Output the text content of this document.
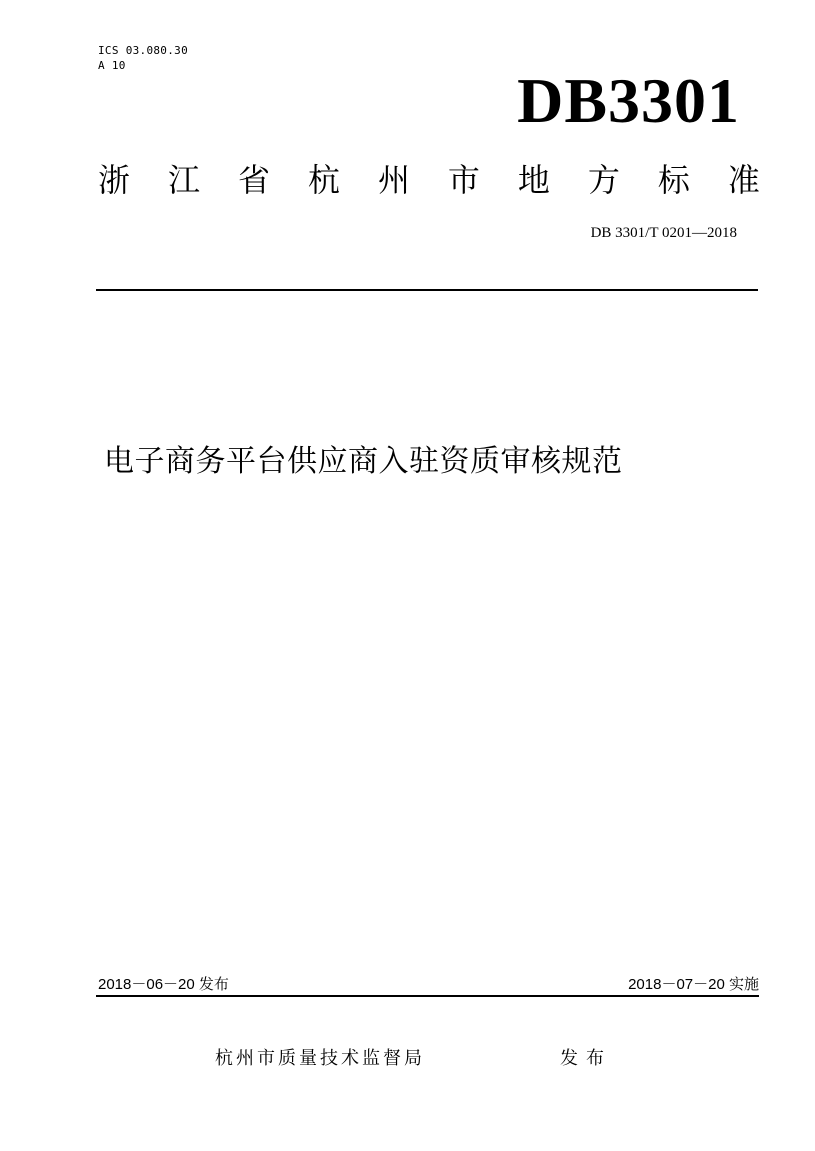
ICS 03.080.30
A 10	DB3301
浙 江 省 杭 州 市 地 方 标 准
DB 3301/T 0201—2018
电子商务平台供应商入驻资质审核规范
2018－06－20 发布	2018－07－20 实施
杭州市质量技术监督局	发布
